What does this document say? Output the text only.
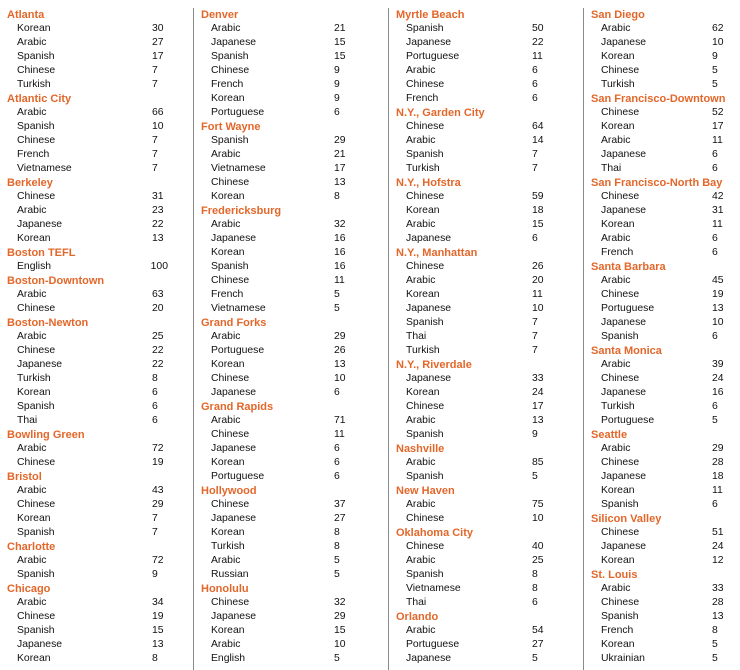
Atlanta
Korean	30
Arabic	27
Spanish	17
Chinese	7
Turkish	7
Atlantic City
Arabic	66
Spanish	10
Chinese	7
French	7
Vietnamese	7
Berkeley
Chinese	31
Arabic	23
Japanese	22
Korean	13
Boston TEFL
English	100
Boston-Downtown
Arabic	63
Chinese	20
Boston-Newton
Arabic	25
Chinese	22
Japanese	22
Turkish	8
Korean	6
Spanish	6
Thai	6
Bowling Green
Arabic	72
Chinese	19
Bristol
Arabic	43
Chinese	29
Korean	7
Spanish	7
Charlotte
Arabic	72
Spanish	9
Chicago
Arabic	34
Chinese	19
Spanish	15
Japanese	13
Korean	8
Denver
Arabic	21
Japanese	15
Spanish	15
Chinese	9
French	9
Korean	9
Portuguese	6
Fort Wayne
Spanish	29
Arabic	21
Vietnamese	17
Chinese	13
Korean	8
Fredericksburg
Arabic	32
Japanese	16
Korean	16
Spanish	16
Chinese	11
French	5
Vietnamese	5
Grand Forks
Arabic	29
Portuguese	26
Korean	13
Chinese	10
Japanese	6
Grand Rapids
Arabic	71
Chinese	11
Japanese	6
Korean	6
Portuguese	6
Hollywood
Chinese	37
Japanese	27
Korean	8
Turkish	8
Arabic	5
Russian	5
Honolulu
Chinese	32
Japanese	29
Korean	15
Arabic	10
English	5
Myrtle Beach
Spanish	50
Japanese	22
Portuguese	11
Arabic	6
Chinese	6
French	6
N.Y., Garden City
Chinese	64
Arabic	14
Spanish	7
Turkish	7
N.Y., Hofstra
Chinese	59
Korean	18
Arabic	15
Japanese	6
N.Y., Manhattan
Chinese	26
Arabic	20
Korean	11
Japanese	10
Spanish	7
Thai	7
Turkish	7
N.Y., Riverdale
Japanese	33
Korean	24
Chinese	17
Arabic	13
Spanish	9
Nashville
Arabic	85
Spanish	5
New Haven
Arabic	75
Chinese	10
Oklahoma City
Chinese	40
Arabic	25
Spanish	8
Vietnamese	8
Thai	6
Orlando
Arabic	54
Portuguese	27
Japanese	5
San Diego
Arabic	62
Japanese	10
Korean	9
Chinese	5
Turkish	5
San Francisco-Downtown
Chinese	52
Korean	17
Arabic	11
Japanese	6
Thai	6
San Francisco-North Bay
Chinese	42
Japanese	31
Korean	11
Arabic	6
French	6
Santa Barbara
Arabic	45
Chinese	19
Portuguese	13
Japanese	10
Spanish	6
Santa Monica
Arabic	39
Chinese	24
Japanese	16
Turkish	6
Portuguese	5
Seattle
Arabic	29
Chinese	28
Japanese	18
Korean	11
Spanish	6
Silicon Valley
Chinese	51
Japanese	24
Korean	12
St. Louis
Arabic	33
Chinese	28
Spanish	13
French	8
Korean	5
Ukrainian	5
